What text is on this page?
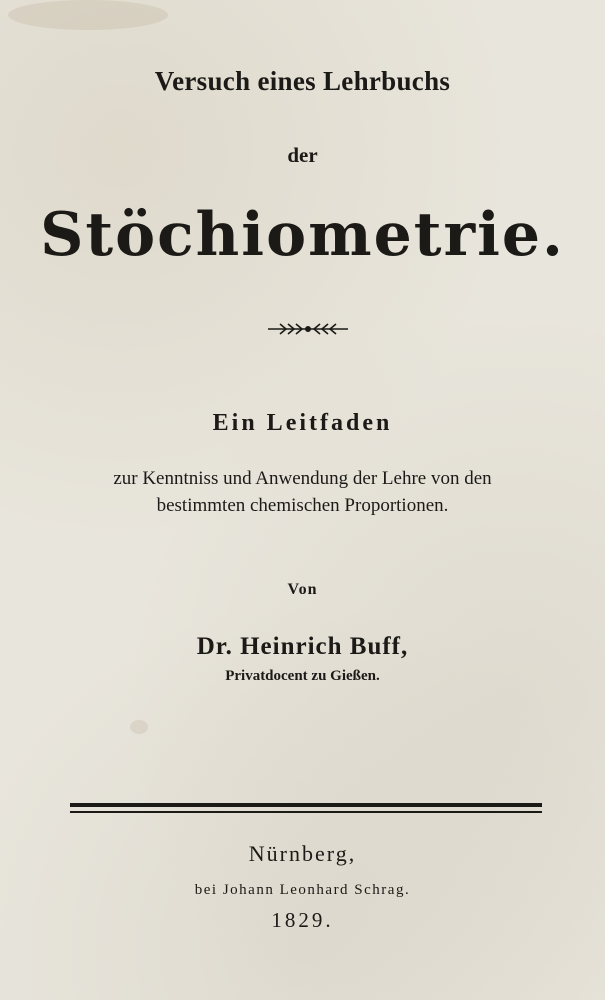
Versuch eines Lehrbuchs
der
Stöchiometrie.
Ein Leitfaden
zur Kenntniss und Anwendung der Lehre von den
bestimmten chemischen Proportionen.
Von
Dr. Heinrich Buff,
Privatdocent zu Gießen.
Nürnberg,
bei Johann Leonhard Schrag.
1829.
